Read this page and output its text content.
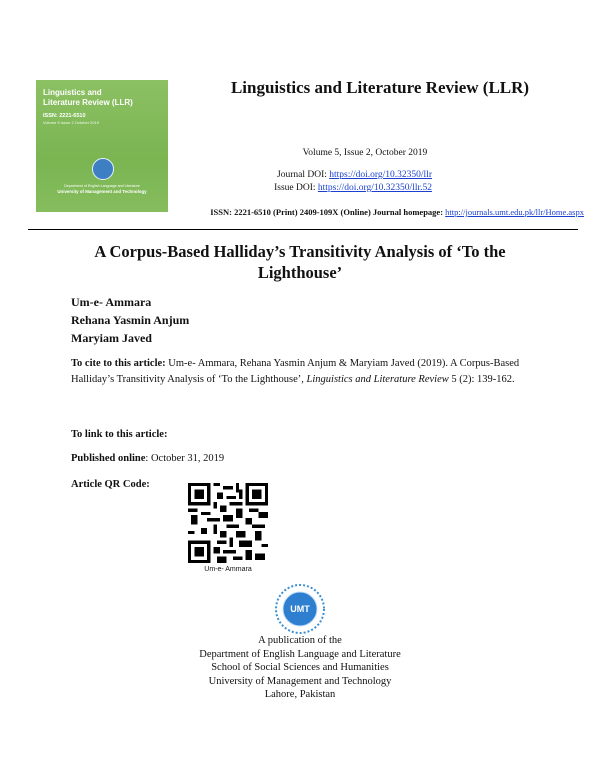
Linguistics and
Literature Review (LLR)
ISSN: 2221-6510
Volume 5 Issue 2 October 2019
Department of English Language and Literature
University of Management and Technology
Linguistics and Literature Review (LLR)
Volume 5, Issue 2, October 2019
Journal DOI: https://doi.org/10.32350/llr
Issue DOI: https://doi.org/10.32350/llr.52
ISSN: 2221-6510 (Print) 2409-109X (Online) Journal homepage: http://journals.umt.edu.pk/llr/Home.aspx
A Corpus-Based Halliday’s Transitivity Analysis of ‘To the
Lighthouse’
Um-e- Ammara
Rehana Yasmin Anjum
Maryiam Javed
To cite to this article: Um-e- Ammara, Rehana Yasmin Anjum & Maryiam Javed (2019). A Corpus-Based Halliday’s Transitivity Analysis of ‘To the Lighthouse’, Linguistics and Literature Review 5 (2): 139-162.
To link to this article:
Published online: October 31, 2019
Article QR Code:
Um-e- Ammara
UMT
A publication of the
Department of English Language and Literature
School of Social Sciences and Humanities
University of Management and Technology
Lahore, Pakistan
